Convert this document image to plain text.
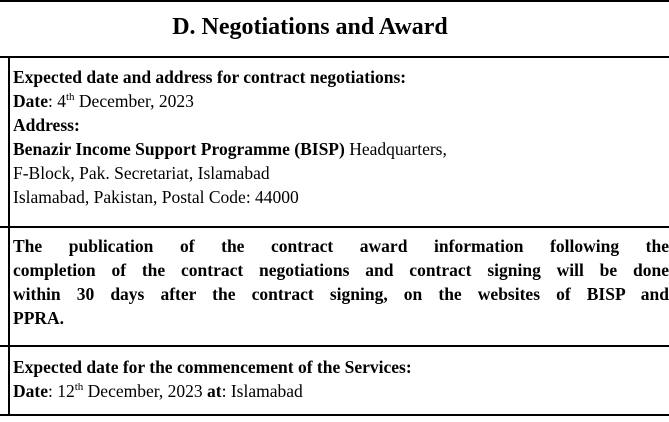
D. Negotiations and Award
Expected date and address for contract negotiations:
Date: 4th December, 2023
Address:
Benazir Income Support Programme (BISP) Headquarters,
F-Block, Pak. Secretariat, Islamabad
Islamabad, Pakistan, Postal Code: 44000
The publication of the contract award information following the
completion of the contract negotiations and contract signing will be done
within 30 days after the contract signing, on the websites of BISP and
PPRA.
Expected date for the commencement of the Services:
Date: 12th December, 2023 at: Islamabad
